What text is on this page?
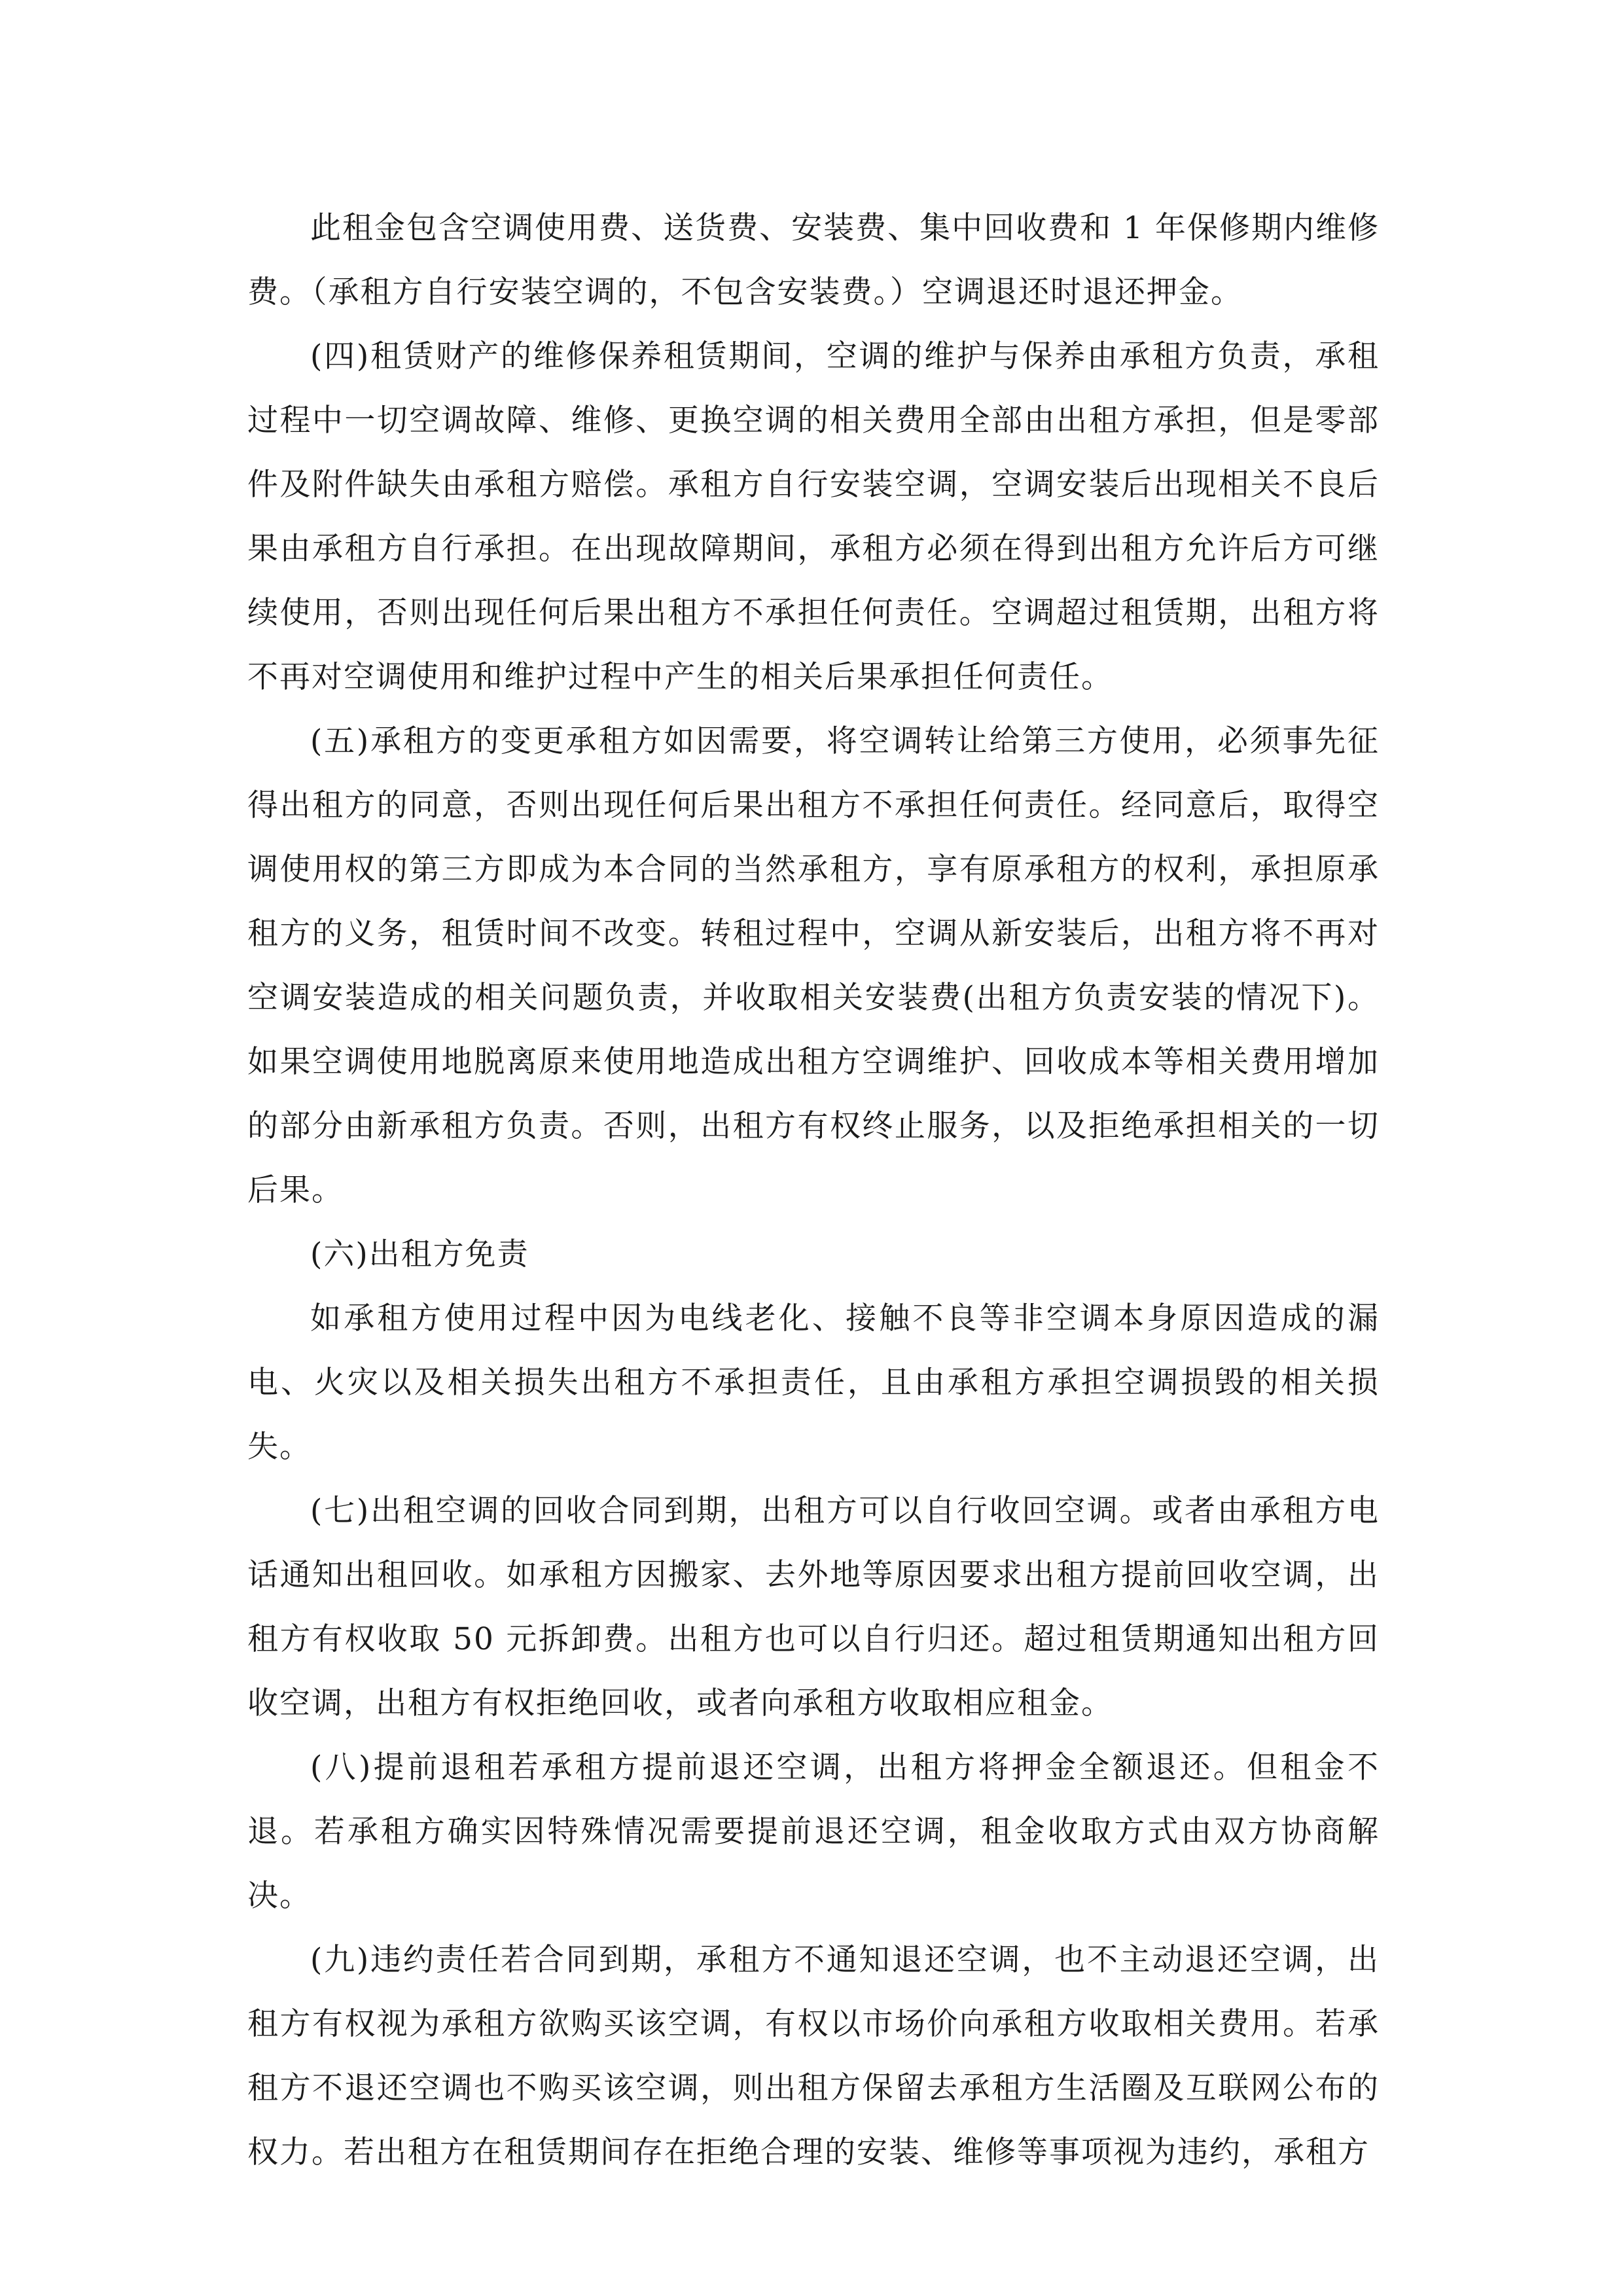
此租金包含空调使用费、送货费、安装费、集中回收费和 1 年保修期内维修费。（承租方自行安装空调的，不包含安装费。）空调退还时退还押金。

(四)租赁财产的维修保养租赁期间，空调的维护与保养由承租方负责，承租过程中一切空调故障、维修、更换空调的相关费用全部由出租方承担，但是零部件及附件缺失由承租方赔偿。承租方自行安装空调，空调安装后出现相关不良后果由承租方自行承担。在出现故障期间，承租方必须在得到出租方允许后方可继续使用，否则出现任何后果出租方不承担任何责任。空调超过租赁期，出租方将不再对空调使用和维护过程中产生的相关后果承担任何责任。

(五)承租方的变更承租方如因需要，将空调转让给第三方使用，必须事先征得出租方的同意，否则出现任何后果出租方不承担任何责任。经同意后，取得空调使用权的第三方即成为本合同的当然承租方，享有原承租方的权利，承担原承租方的义务，租赁时间不改变。转租过程中，空调从新安装后，出租方将不再对空调安装造成的相关问题负责，并收取相关安装费(出租方负责安装的情况下)。如果空调使用地脱离原来使用地造成出租方空调维护、回收成本等相关费用增加的部分由新承租方负责。否则，出租方有权终止服务，以及拒绝承担相关的一切后果。

(六)出租方免责

如承租方使用过程中因为电线老化、接触不良等非空调本身原因造成的漏电、火灾以及相关损失出租方不承担责任，且由承租方承担空调损毁的相关损失。

(七)出租空调的回收合同到期，出租方可以自行收回空调。或者由承租方电话通知出租回收。如承租方因搬家、去外地等原因要求出租方提前回收空调，出租方有权收取 50 元拆卸费。出租方也可以自行归还。超过租赁期通知出租方回收空调，出租方有权拒绝回收，或者向承租方收取相应租金。

(八)提前退租若承租方提前退还空调，出租方将押金全额退还。但租金不退。若承租方确实因特殊情况需要提前退还空调，租金收取方式由双方协商解决。

(九)违约责任若合同到期，承租方不通知退还空调，也不主动退还空调，出租方有权视为承租方欲购买该空调，有权以市场价向承租方收取相关费用。若承租方不退还空调也不购买该空调，则出租方保留去承租方生活圈及互联网公布的权力。若出租方在租赁期间存在拒绝合理的安装、维修等事项视为违约，承租方
